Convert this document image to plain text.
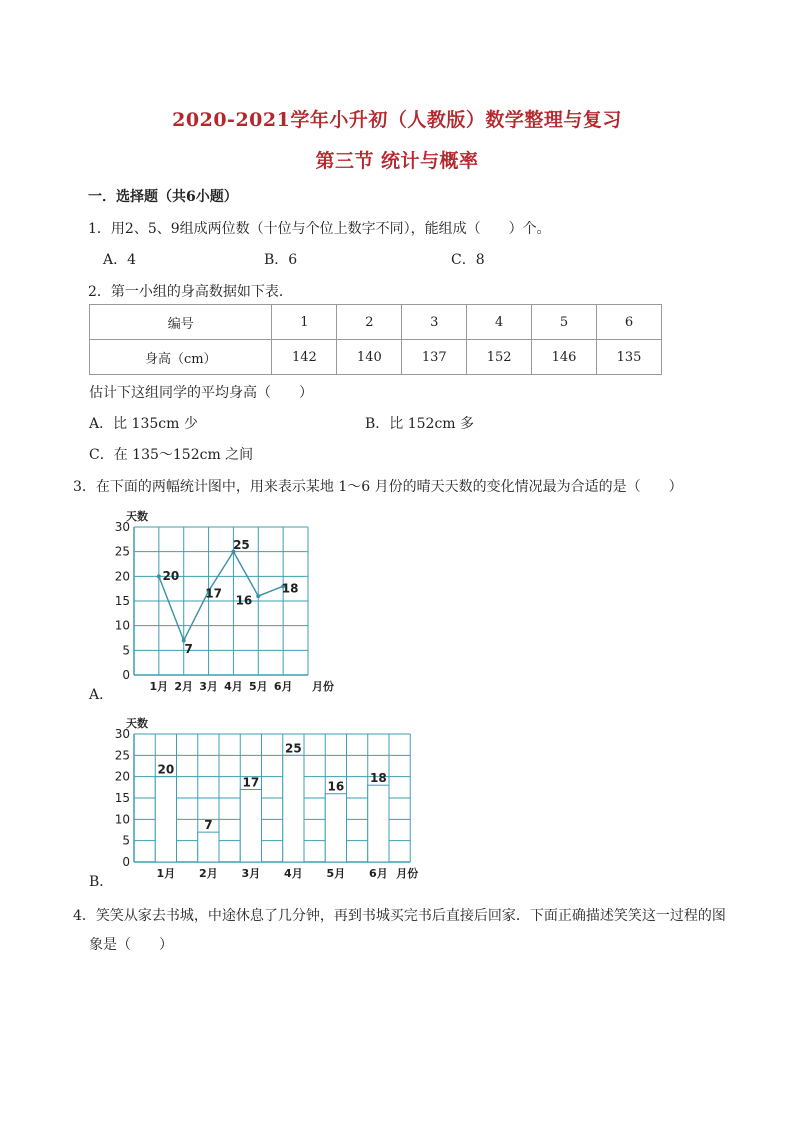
2020-2021学年小升初（人教版）数学整理与复习
第三节 统计与概率
一．选择题（共6小题）
1．用2、5、9组成两位数（十位与个位上数字不同），能组成（　　）个。
A．4	B．6	C．8
2．第一小组的身高数据如下表．
编号	1	2	3	4	5	6
身高（cm）	142	140	137	152	146	135
估计下这组同学的平均身高（　　）
A．比 135cm 少	B．比 152cm 多
C．在 135～152cm 之间
3．在下面的两幅统计图中，用来表示某地 1～6 月份的晴天天数的变化情况最为合适的是（　　）
0
5
10
15
20
25
30
天数
1月 2月 3月 4月 5月 6月 月份
20
7
17
25
16
18
A．
0
5
10
15
20
25
30
天数
1月 2月 3月 4月 5月 6月 月份
20
7
17
25
16
18
B．
4．笑笑从家去书城，中途休息了几分钟，再到书城买完书后直接后回家．下面正确描述笑笑这一过程的图
象是（　　）
